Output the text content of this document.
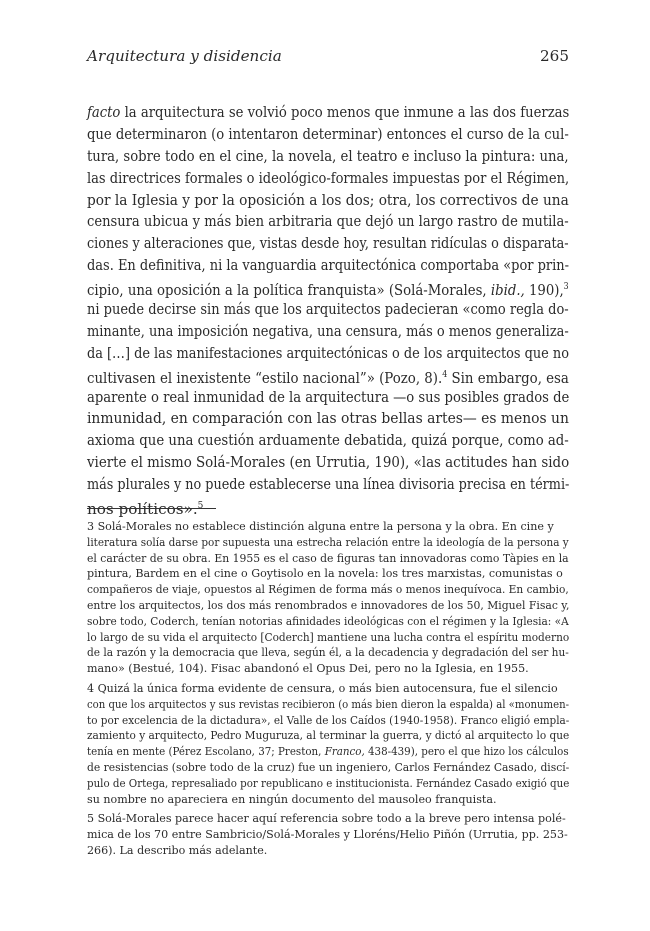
Arquitectura y disidencia	265
facto la arquitectura se volvió poco menos que inmune a las dos fuerzas
que determinaron (o intentaron determinar) entonces el curso de la cul-
tura, sobre todo en el cine, la novela, el teatro e incluso la pintura: una,
las directrices formales o ideológico-formales impuestas por el Régimen,
por la Iglesia y por la oposición a los dos; otra, los correctivos de una
censura ubicua y más bien arbitraria que dejó un largo rastro de mutila-
ciones y alteraciones que, vistas desde hoy, resultan ridículas o disparata-
das. En definitiva, ni la vanguardia arquitectónica comportaba «por prin-
cipio, una oposición a la política franquista» (Solá-Morales, ibid., 190),$^3$
ni puede decirse sin más que los arquitectos padecieran «como regla do-
minante, una imposición negativa, una censura, más o menos generaliza-
da […] de las manifestaciones arquitectónicas o de los arquitectos que no
cultivasen el inexistente “estilo nacional”» (Pozo, 8).$^4$ Sin embargo, esa
aparente o real inmunidad de la arquitectura —o sus posibles grados de
inmunidad, en comparación con las otras bellas artes— es menos un
axioma que una cuestión arduamente debatida, quizá porque, como ad-
vierte el mismo Solá-Morales (en Urrutia, 190), «las actitudes han sido
más plurales y no puede establecerse una línea divisoria precisa en térmi-
nos políticos».$^5$
3 Solá-Morales no establece distinción alguna entre la persona y la obra. En cine y
literatura solía darse por supuesta una estrecha relación entre la ideología de la persona y
el carácter de su obra. En 1955 es el caso de figuras tan innovadoras como Tàpies en la
pintura, Bardem en el cine o Goytisolo en la novela: los tres marxistas, comunistas o
compañeros de viaje, opuestos al Régimen de forma más o menos inequívoca. En cambio,
entre los arquitectos, los dos más renombrados e innovadores de los 50, Miguel Fisac y,
sobre todo, Coderch, tenían notorias afinidades ideológicas con el régimen y la Iglesia: «A
lo largo de su vida el arquitecto [Coderch] mantiene una lucha contra el espíritu moderno
de la razón y la democracia que lleva, según él, a la decadencia y degradación del ser hu-
mano» (Bestué, 104). Fisac abandonó el Opus Dei, pero no la Iglesia, en 1955.
4 Quizá la única forma evidente de censura, o más bien autocensura, fue el silencio
con que los arquitectos y sus revistas recibieron (o más bien dieron la espalda) al «monumen-
to por excelencia de la dictadura», el Valle de los Caídos (1940-1958). Franco eligió empla-
zamiento y arquitecto, Pedro Muguruza, al terminar la guerra, y dictó al arquitecto lo que
tenía en mente (Pérez Escolano, 37; Preston, Franco, 438-439), pero el que hizo los cálculos
de resistencias (sobre todo de la cruz) fue un ingeniero, Carlos Fernández Casado, discí-
pulo de Ortega, represaliado por republicano e institucionista. Fernández Casado exigió que
su nombre no apareciera en ningún documento del mausoleo franquista.
5 Solá-Morales parece hacer aquí referencia sobre todo a la breve pero intensa polé-
mica de los 70 entre Sambricio/Solá-Morales y Lloréns/Helio Piñón (Urrutia, pp. 253-
266). La describo más adelante.
